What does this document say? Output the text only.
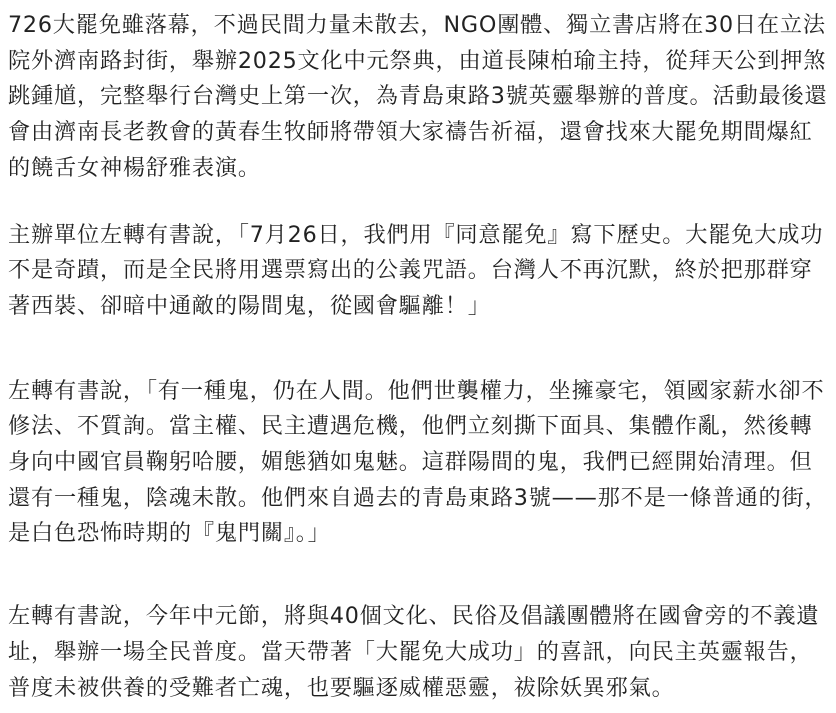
726大罷免雖落幕，不過民間力量未散去，NGO團體、獨立書店將在30日在立法院外濟南路封街，舉辦2025文化中元祭典，由道長陳柏瑜主持，從拜天公到押煞跳鍾馗，完整舉行台灣史上第一次，為青島東路3號英靈舉辦的普度。活動最後還會由濟南長老教會的黃春生牧師將帶領大家禱告祈福，還會找來大罷免期間爆紅的饒舌女神楊舒雅表演。

主辦單位左轉有書說，「7月26日，我們用『同意罷免』寫下歷史。大罷免大成功不是奇蹟，而是全民將用選票寫出的公義咒語。台灣人不再沉默，終於把那群穿著西裝、卻暗中通敵的陽間鬼，從國會驅離！」

左轉有書說，「有一種鬼，仍在人間。他們世襲權力，坐擁豪宅，領國家薪水卻不修法、不質詢。當主權、民主遭遇危機，他們立刻撕下面具、集體作亂，然後轉身向中國官員鞠躬哈腰，媚態猶如鬼魅。這群陽間的鬼，我們已經開始清理。但還有一種鬼，陰魂未散。他們來自過去的青島東路3號——那不是一條普通的街，是白色恐怖時期的『鬼門關』。」

左轉有書說，今年中元節，將與40個文化、民俗及倡議團體將在國會旁的不義遺址，舉辦一場全民普度。當天帶著「大罷免大成功」的喜訊，向民主英靈報告，普度未被供養的受難者亡魂，也要驅逐威權惡靈，祓除妖異邪氣。
